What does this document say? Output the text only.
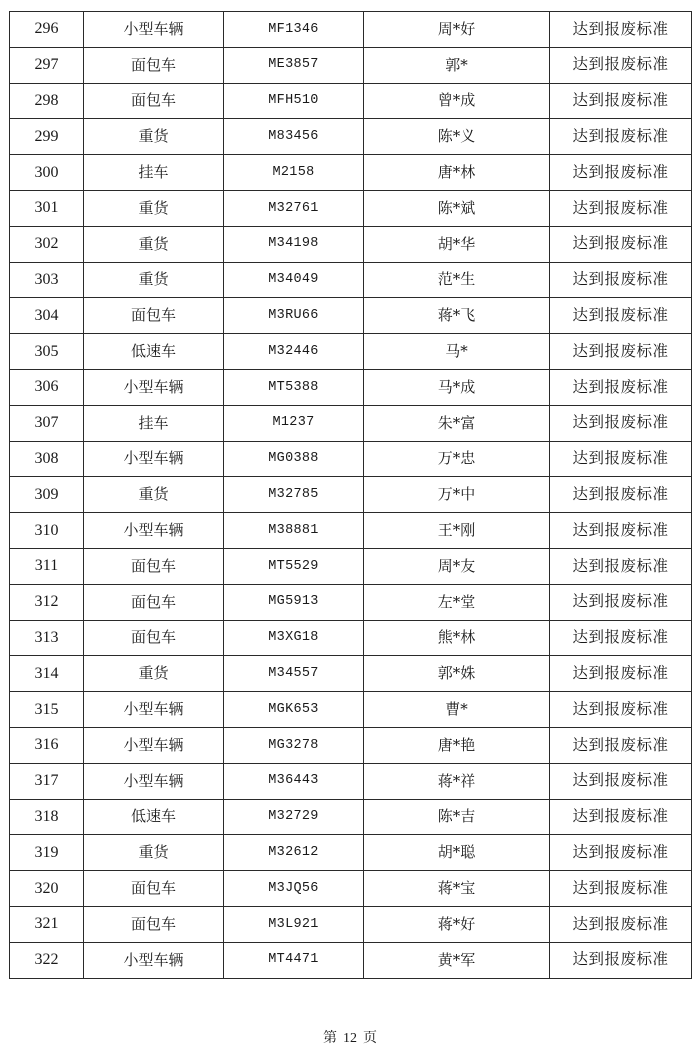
296	小型车辆	MF1346	周*好	达到报废标准
297	面包车	ME3857	郭*	达到报废标准
298	面包车	MFH510	曾*成	达到报废标准
299	重货	M83456	陈*义	达到报废标准
300	挂车	M2158	唐*林	达到报废标准
301	重货	M32761	陈*斌	达到报废标准
302	重货	M34198	胡*华	达到报废标准
303	重货	M34049	范*生	达到报废标准
304	面包车	M3RU66	蒋*飞	达到报废标准
305	低速车	M32446	马*	达到报废标准
306	小型车辆	MT5388	马*成	达到报废标准
307	挂车	M1237	朱*富	达到报废标准
308	小型车辆	MG0388	万*忠	达到报废标准
309	重货	M32785	万*中	达到报废标准
310	小型车辆	M38881	王*刚	达到报废标准
311	面包车	MT5529	周*友	达到报废标准
312	面包车	MG5913	左*堂	达到报废标准
313	面包车	M3XG18	熊*林	达到报废标准
314	重货	M34557	郭*姝	达到报废标准
315	小型车辆	MGK653	曹*	达到报废标准
316	小型车辆	MG3278	唐*艳	达到报废标准
317	小型车辆	M36443	蒋*祥	达到报废标准
318	低速车	M32729	陈*吉	达到报废标准
319	重货	M32612	胡*聪	达到报废标准
320	面包车	M3JQ56	蒋*宝	达到报废标准
321	面包车	M3L921	蒋*好	达到报废标准
322	小型车辆	MT4471	黄*军	达到报废标准
第 12 页
